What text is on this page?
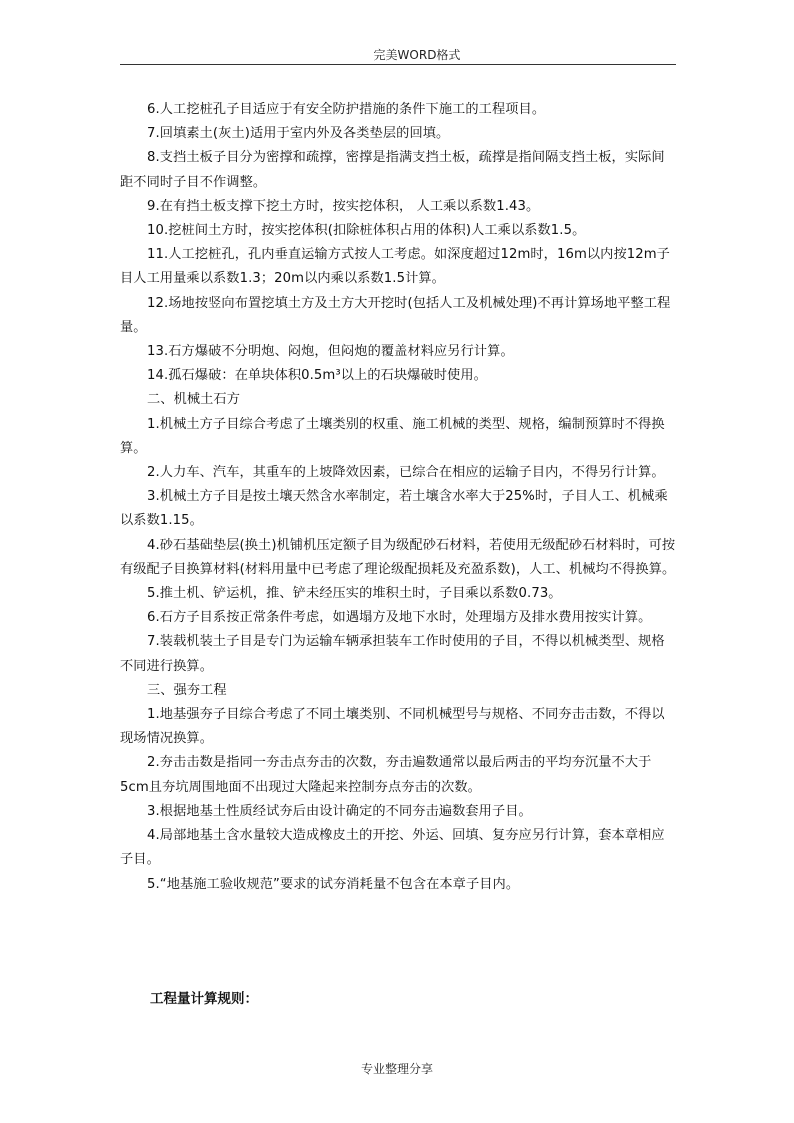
完美WORD格式

6.人工挖桩孔子目适应于有安全防护措施的条件下施工的工程项目。

7.回填素土(灰土)适用于室内外及各类垫层的回填。

8.支挡土板子目分为密撑和疏撑，密撑是指满支挡土板，疏撑是指间隔支挡土板，实际间距不同时子目不作调整。

9.在有挡土板支撑下挖土方时，按实挖体积， 人工乘以系数1.43。

10.挖桩间土方时，按实挖体积(扣除桩体积占用的体积)人工乘以系数1.5。

11.人工挖桩孔，孔内垂直运输方式按人工考虑。如深度超过12m时，16m以内按12m子目人工用量乘以系数1.3；20m以内乘以系数1.5计算。

12.场地按竖向布置挖填土方及土方大开挖时(包括人工及机械处理)不再计算场地平整工程量。

13.石方爆破不分明炮、闷炮，但闷炮的覆盖材料应另行计算。

14.孤石爆破：在单块体积0.5m³以上的石块爆破时使用。

二、机械土石方

1.机械土方子目综合考虑了土壤类别的权重、施工机械的类型、规格，编制预算时不得换算。

2.人力车、汽车，其重车的上坡降效因素，已综合在相应的运输子目内，不得另行计算。

3.机械土方子目是按土壤天然含水率制定，若土壤含水率大于25%时，子目人工、机械乘以系数1.15。

4.砂石基础垫层(换土)机铺机压定额子目为级配砂石材料，若使用无级配砂石材料时，可按有级配子目换算材料(材料用量中已考虑了理论级配损耗及充盈系数)，人工、机械均不得换算。

5.推土机、铲运机，推、铲未经压实的堆积土时，子目乘以系数0.73。

6.石方子目系按正常条件考虑，如遇塌方及地下水时，处理塌方及排水费用按实计算。

7.装载机装土子目是专门为运输车辆承担装车工作时使用的子目，不得以机械类型、规格不同进行换算。

三、强夯工程

1.地基强夯子目综合考虑了不同土壤类别、不同机械型号与规格、不同夯击击数，不得以现场情况换算。

2.夯击击数是指同一夯击点夯击的次数，夯击遍数通常以最后两击的平均夯沉量不大于5cm且夯坑周围地面不出现过大隆起来控制夯点夯击的次数。

3.根据地基土性质经试夯后由设计确定的不同夯击遍数套用子目。

4.局部地基土含水量较大造成橡皮土的开挖、外运、回填、复夯应另行计算，套本章相应子目。

5.“地基施工验收规范”要求的试夯消耗量不包含在本章子目内。

工程量计算规则：
专业整理分享
